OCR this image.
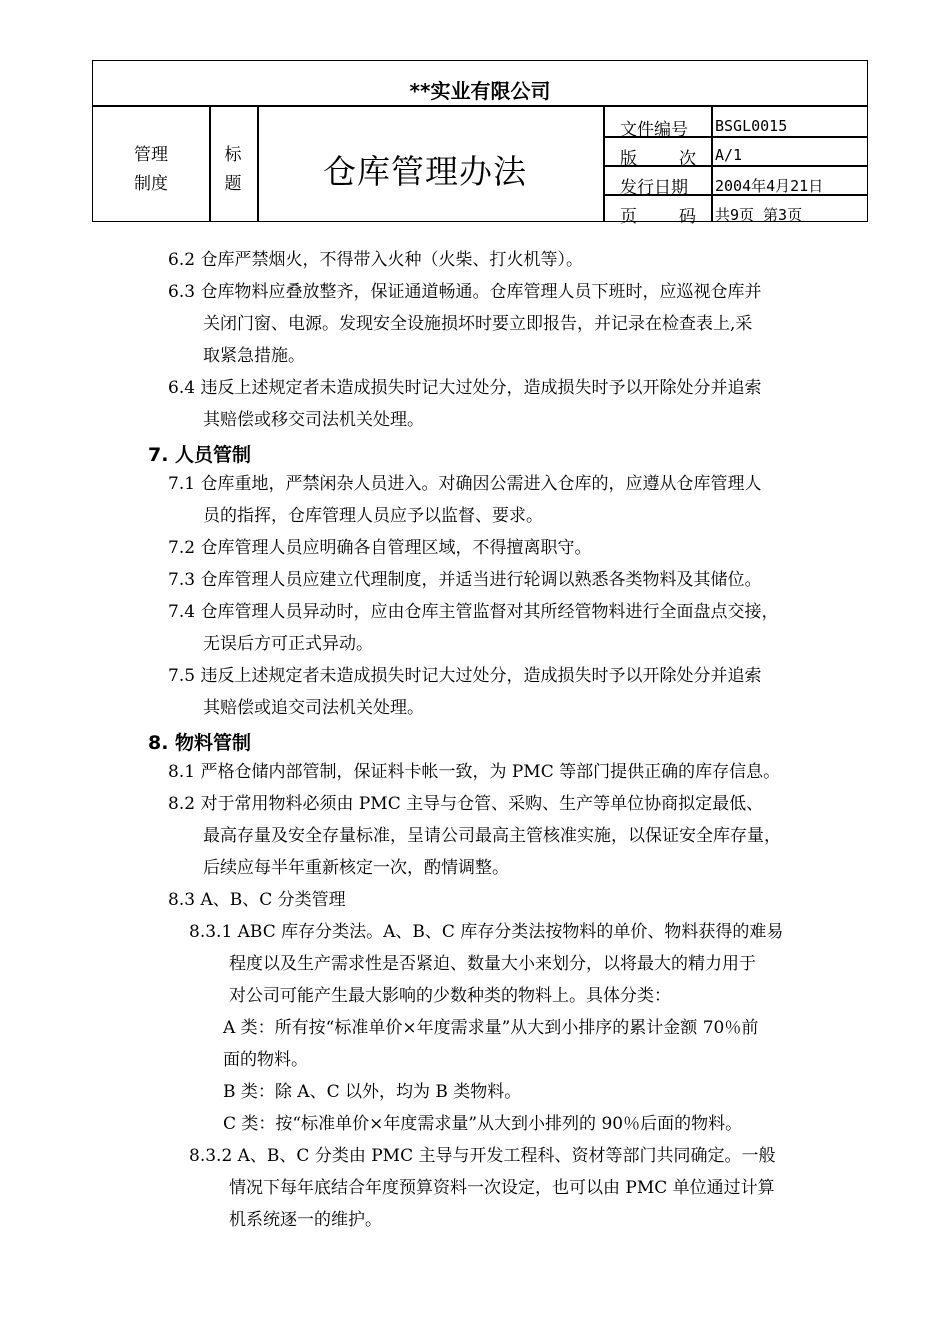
**实业有限公司
管理
制度
标
题	仓库管理办法
文件编号
版 次
发行日期
页 码
BSGL0015
A/1
2004年4月21日
共9页 第3页
6.2 仓库严禁烟火，不得带入火种（火柴、打火机等）。
6.3 仓库物料应叠放整齐，保证通道畅通。仓库管理人员下班时，应巡视仓库并
关闭门窗、电源。发现安全设施损坏时要立即报告，并记录在检查表上,采
取紧急措施。
6.4 违反上述规定者未造成损失时记大过处分，造成损失时予以开除处分并追索
其赔偿或移交司法机关处理。
7. 人员管制
7.1 仓库重地，严禁闲杂人员进入。对确因公需进入仓库的，应遵从仓库管理人
员的指挥，仓库管理人员应予以监督、要求。
7.2 仓库管理人员应明确各自管理区域，不得擅离职守。
7.3 仓库管理人员应建立代理制度，并适当进行轮调以熟悉各类物料及其储位。
7.4 仓库管理人员异动时，应由仓库主管监督对其所经管物料进行全面盘点交接，
无误后方可正式异动。
7.5 违反上述规定者未造成损失时记大过处分，造成损失时予以开除处分并追索
其赔偿或追交司法机关处理。
8. 物料管制
8.1 严格仓储内部管制，保证料卡帐一致，为 PMC 等部门提供正确的库存信息。
8.2 对于常用物料必须由 PMC 主导与仓管、采购、生产等单位协商拟定最低、
最高存量及安全存量标准，呈请公司最高主管核准实施，以保证安全库存量，
后续应每半年重新核定一次，酌情调整。
8.3 A、B、C 分类管理
8.3.1 ABC 库存分类法。A、B、C 库存分类法按物料的单价、物料获得的难易
程度以及生产需求性是否紧迫、数量大小来划分，以将最大的精力用于
对公司可能产生最大影响的少数种类的物料上。具体分类：
A 类：所有按“标准单价×年度需求量”从大到小排序的累计金额 70％前
面的物料。
B 类：除 A、C 以外，均为 B 类物料。
C 类：按“标准单价×年度需求量”从大到小排列的 90％后面的物料。
8.3.2 A、B、C 分类由 PMC 主导与开发工程科、资材等部门共同确定。一般
情况下每年底结合年度预算资料一次设定，也可以由 PMC 单位通过计算
机系统逐一的维护。
